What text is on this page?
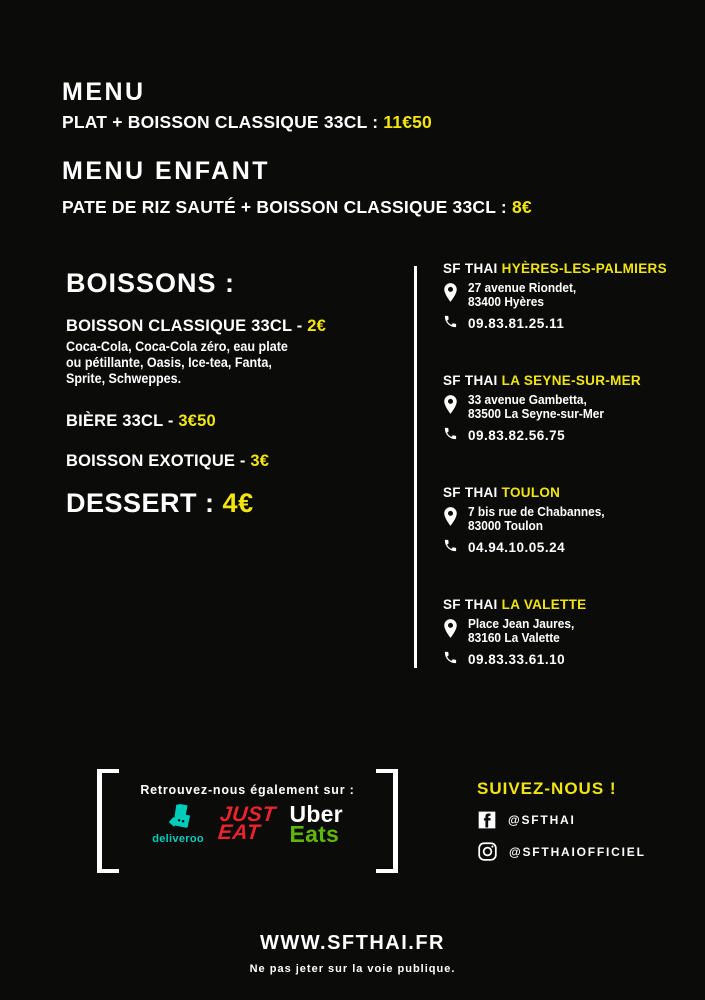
MENU

PLAT + BOISSON CLASSIQUE 33CL : 11€50

MENU ENFANT

PATE DE RIZ SAUTÉ + BOISSON CLASSIQUE 33CL : 8€

BOISSONS :

BOISSON CLASSIQUE 33CL - 2€

Coca-Cola, Coca-Cola zéro, eau plate
ou pétillante, Oasis, Ice-tea, Fanta,
Sprite, Schweppes.

BIÈRE 33CL - 3€50

BOISSON EXOTIQUE - 3€

DESSERT : 4€

SF THAI HYÈRES-LES-PALMIERS
27 avenue Riondet,
83400 Hyères
09.83.81.25.11
SF THAI LA SEYNE-SUR-MER
33 avenue Gambetta,
83500 La Seyne-sur-Mer
09.83.82.56.75
SF THAI TOULON
7 bis rue de Chabannes,
83000 Toulon
04.94.10.05.24
SF THAI LA VALETTE
Place Jean Jaures,
83160 La Valette
09.83.33.61.10

Retrouvez-nous également sur :

deliveroo
JUST
EAT
Uber
Eats
SUIVEZ-NOUS !
@SFTHAI
@SFTHAIOFFICIEL

WWW.SFTHAI.FR

Ne pas jeter sur la voie publique.
